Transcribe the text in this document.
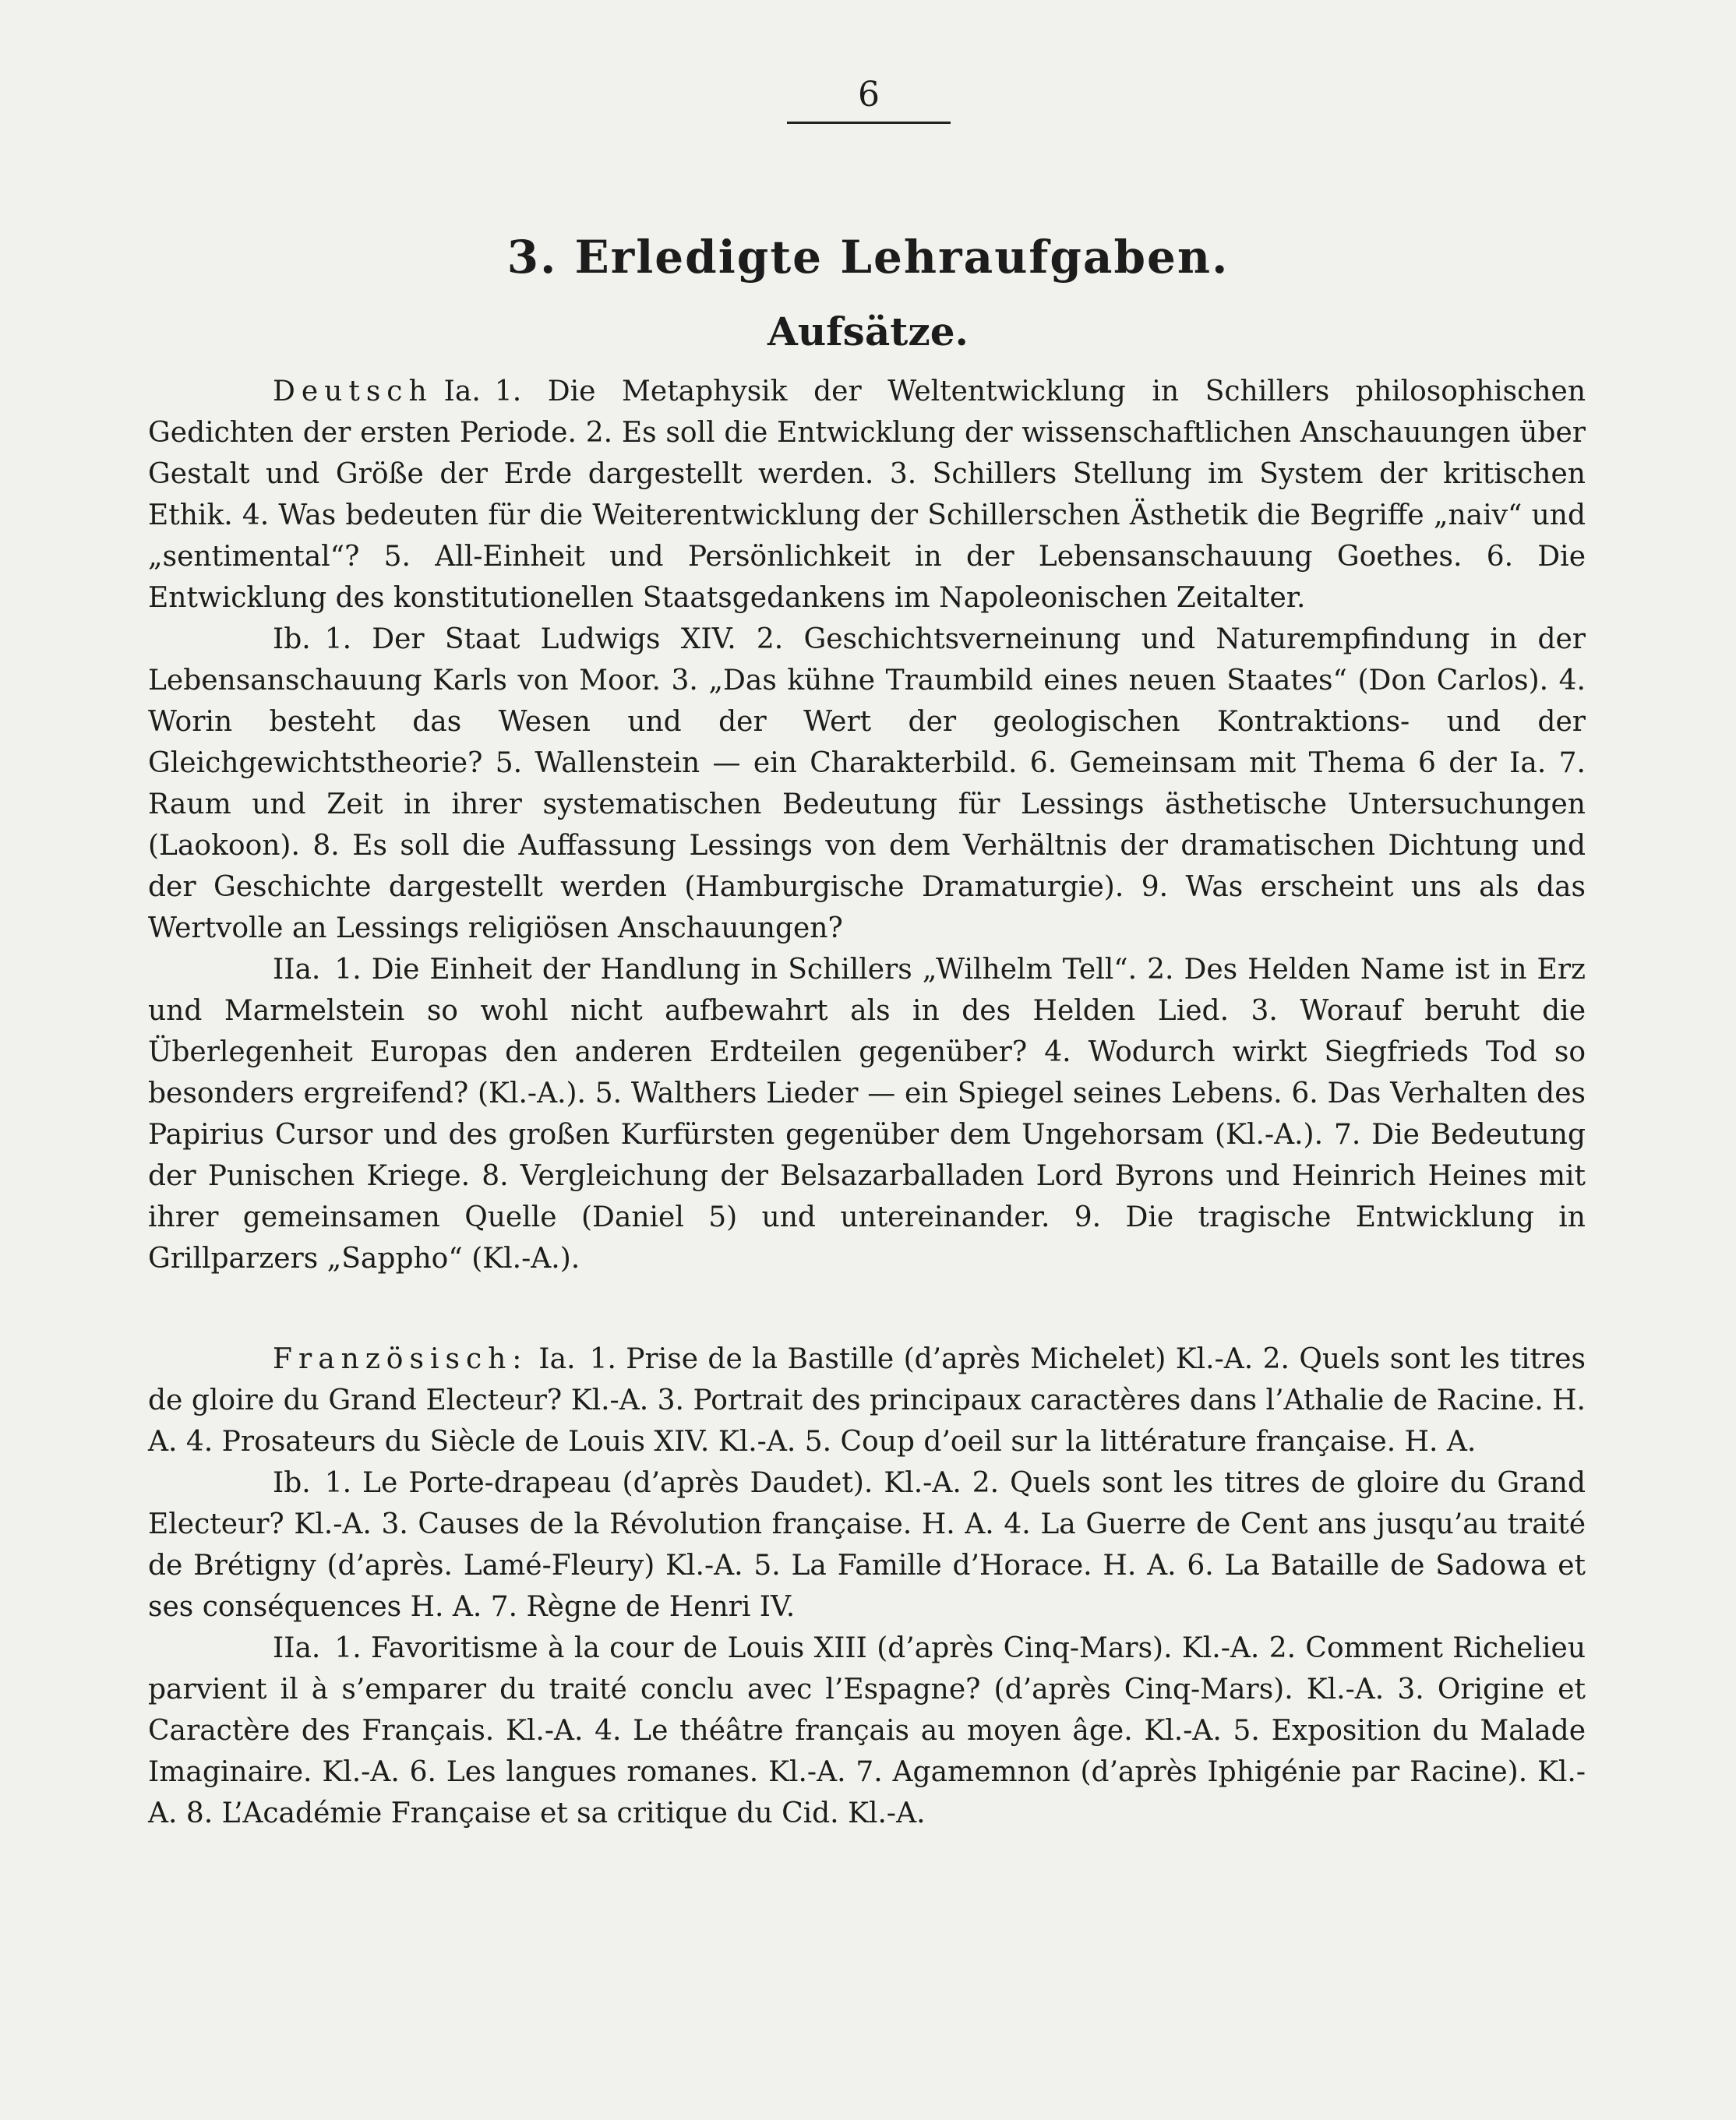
6
3. Erledigte Lehraufgaben.
Aufsätze.

Deutsch Ia. 1. Die Metaphysik der Weltentwicklung in Schillers philosophischen Gedichten der ersten Periode. 2. Es soll die Entwicklung der wissenschaftlichen Anschauungen über Gestalt und Größe der Erde dargestellt werden. 3. Schillers Stellung im System der kritischen Ethik. 4. Was bedeuten für die Weiterentwicklung der Schillerschen Ästhetik die Begriffe „naiv“ und „sentimental“? 5. All-Einheit und Persönlichkeit in der Lebensanschauung Goethes. 6. Die Entwicklung des konstitutionellen Staatsgedankens im Napoleonischen Zeitalter.

Ib. 1. Der Staat Ludwigs XIV. 2. Geschichtsverneinung und Naturempfindung in der Lebensanschauung Karls von Moor. 3. „Das kühne Traumbild eines neuen Staates“ (Don Carlos). 4. Worin besteht das Wesen und der Wert der geologischen Kontraktions- und der Gleichgewichtstheorie? 5. Wallenstein — ein Charakterbild. 6. Gemeinsam mit Thema 6 der Ia. 7. Raum und Zeit in ihrer systematischen Bedeutung für Lessings ästhetische Untersuchungen (Laokoon). 8. Es soll die Auffassung Lessings von dem Verhältnis der dramatischen Dichtung und der Geschichte dargestellt werden (Hamburgische Dramaturgie). 9. Was erscheint uns als das Wertvolle an Lessings religiösen Anschauungen?

IIa. 1. Die Einheit der Handlung in Schillers „Wilhelm Tell“. 2. Des Helden Name ist in Erz und Marmelstein so wohl nicht aufbewahrt als in des Helden Lied. 3. Worauf beruht die Überlegenheit Europas den anderen Erdteilen gegenüber? 4. Wodurch wirkt Siegfrieds Tod so besonders ergreifend? (Kl.-A.). 5. Walthers Lieder — ein Spiegel seines Lebens. 6. Das Verhalten des Papirius Cursor und des großen Kurfürsten gegenüber dem Ungehorsam (Kl.-A.). 7. Die Bedeutung der Punischen Kriege. 8. Vergleichung der Belsazarballaden Lord Byrons und Heinrich Heines mit ihrer gemeinsamen Quelle (Daniel 5) und untereinander. 9. Die tragische Entwicklung in Grillparzers „Sappho“ (Kl.-A.).

Französisch: Ia. 1. Prise de la Bastille (d’après Michelet) Kl.-A. 2. Quels sont les titres de gloire du Grand Electeur? Kl.-A. 3. Portrait des principaux caractères dans l’Athalie de Racine. H. A. 4. Prosateurs du Siècle de Louis XIV. Kl.-A. 5. Coup d’oeil sur la littérature française. H. A.

Ib. 1. Le Porte-drapeau (d’après Daudet). Kl.-A. 2. Quels sont les titres de gloire du Grand Electeur? Kl.-A. 3. Causes de la Révolution française. H. A. 4. La Guerre de Cent ans jusqu’au traité de Brétigny (d’après. Lamé-Fleury) Kl.-A. 5. La Famille d’Horace. H. A. 6. La Bataille de Sadowa et ses conséquences H. A. 7. Règne de Henri IV.

IIa. 1. Favoritisme à la cour de Louis XIII (d’après Cinq-Mars). Kl.-A. 2. Comment Richelieu parvient il à s’emparer du traité conclu avec l’Espagne? (d’après Cinq-Mars). Kl.-A. 3. Origine et Caractère des Français. Kl.-A. 4. Le théâtre français au moyen âge. Kl.-A. 5. Exposition du Malade Imaginaire. Kl.-A. 6. Les langues romanes. Kl.-A. 7. Agamemnon (d’après Iphigénie par Racine). Kl.-A. 8. L’Académie Française et sa critique du Cid. Kl.-A.
